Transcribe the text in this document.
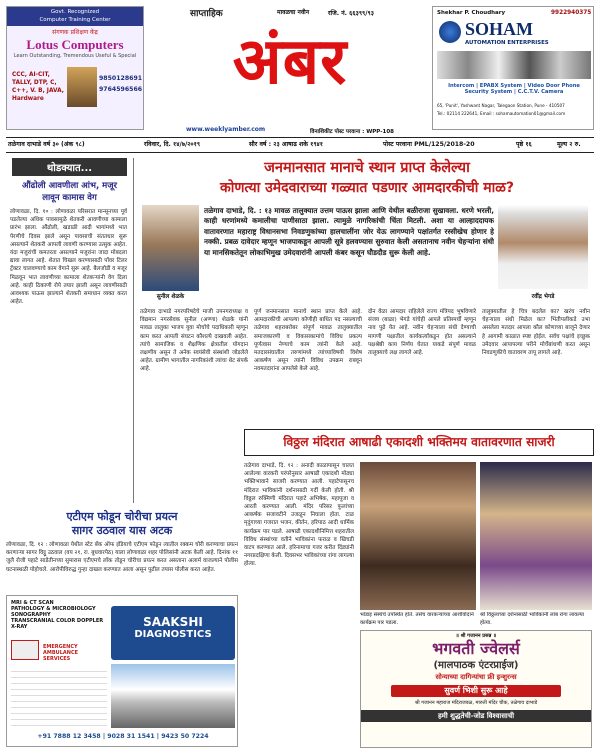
Govt. Recognized
Computer Training Center
संगणक प्रशिक्षण केंद्र
Lotus Computers
Learn Outstanding, Tremendous Useful & Special
CCC, AI-CIT, TALLY, DTP, C, C++, V. B, JAVA, Hardware
9850128691
9764596566
साप्ताहिक	मावळचा नवीन	रजि. नं. ६६३९९/९३
अंबर
www.weeklyamber.com	विनाशिकीट पोस्ट परवाना : WPP-108
Shekhar P. Choudhary	9922940375
SOHAM
AUTOMATION ENTERPRISES
Intercom | EPABX System | Video Door Phone
Security System | C.C.T.V. Camera
65, 'Punit', Yashwant Nagar, Talegaon Station, Pune - 410507
Tel.: 02114 222641, Email : sohamautomation01@gmail.com
तळेगाव दाभाडे वर्ष ३० (अंक ९८)	रविवार, दि. १४/७/२०१९	सौर वर्ष : २३ आषाढ शके १९४१	पोस्ट परवाना PML/125/2018-20	पृष्ठे १६	मूल्य २ रु.
थोडक्यात...
औंढोली आवणीला आंभ, मजूर लावून कामास वेग
लोणावळा, दि. १० : लोणावळा परिसरात मान्सूनच्या पूर्व पडलेल्या अधिक पावसामुळे शेतकरी आवणीच्या कामाला प्रारंभ झाला. औंढोली, खडाळी आदी भागांमध्ये भात पेरणीचे दिवस झाले असून पावसाची संततधार सुरू असल्याने शेतकरी आपली लावणी करण्यास उत्सुक आहेत. यंदा मजुरांची कमतरता असल्याने मजुरांना जादा मोबदला द्यावा लागत आहे. शेतात चिखल करण्यासाठी पॉवर टिलर ट्रॅक्टर चालवण्याचे काम वेगाने सुरू आहे. बैलजोडी व मजूर मिळवून भात लावणीच्या कामाला शेतकऱ्यांनी वेग दिला आहे. काही ठिकाणी रोपे तयार झाली असून लावणीसाठी आवश्यक पाऊस झाल्याने शेतकरी समाधान व्यक्त करत आहेत.
जनमानसात मानाचे स्थान प्राप्त केलेल्या
कोणत्या उमेदवाराच्या गळ्यात पडणार आमदारकीची माळ?
सुनील शेळके
तळेगाव दाभाडे, दि. : १३ मावळ तालुक्यात उत्तम पाऊस झाला आणि येथील बळीराजा सुखावला. धरणे भरली, काही धरणांमध्ये कमालीचा पाणीसाठा झाला. त्यामुळे नागरिकांची चिंता मिटली. अशा या आल्हाददायक वातावरणात महाराष्ट्र विधानसभा निवडणुकांच्या हालचालींना जोर येऊ लागण्याने पक्षांतर्गत रस्सीखेच होणार हे नक्की. प्रबळ दावेदार म्हणून भाजपाकडून आपली सूत्रे हलवण्यास सुरुवात केली असतानाच नवीन चेहऱ्यांना संधी या मानसिकतेतून लोकाभिमुख उमेदवारांनी आपली कंबर कसून घौडदौड सुरू केली आहे.
रवींद्र भेगडे
तळेगाव दाभाडे नगरपरिषदेचे माजी उपनगराध्यक्ष व विद्यमान नगरसेवक सुनील (अण्णा) शेळके यांनी मावळ तालुका भाजप युवा मोर्चाचे पदाधिकारी म्हणून काम करत आपली संघटन कौशल्ये दाखवली आहेत. त्यांचे सामाजिक व शैक्षणिक क्षेत्रातील योगदान लक्षणीय असून ते अनेक स्वयंसेवी संस्थांशी जोडलेले आहेत. ग्रामीण भागातील नागरिकांशी त्यांचा थेट संपर्क आहे.
पूर्ण जनमानसात मानाचे स्थान प्राप्त केले आहे. आमदारकीची आपल्या कोणीही बाधित पद नसल्याची तळेगाव शहराबरोबर संपूर्ण मावळ तालुक्यातील समाजकारणी व विकासकामांचे विविध प्रकल्प पूर्णत्वास नेण्याचे काम त्यांनी केले आहे. मतदारसंघातील तरुणांमध्ये त्यांच्याविषयी विशेष आकर्षण असून त्यांनी विविध उपक्रम राबवून नवमतदारांना आपलेसे केले आहे.
दोन वेळा आमदार राहिलेले राज्य मंत्रिपद भूषविणारे संजय (बाळा) भेगडे यांचेही आपले प्रतिस्पर्धी म्हणून नाव पुढे येत आहे. नवीन चेहऱ्याला संधी देण्याची मागणी पक्षातील कार्यकर्त्यांकडून होत असल्याने पक्षश्रेष्ठी काय निर्णय घेतात याकडे संपूर्ण मावळ तालुक्याचे लक्ष लागले आहे.
तालुक्यातील हे चित्र बदलेल का? खरंच नवीन चेहऱ्याला संधी मिळेल का? भिंतीपलीकडे उभा असलेला मतदार आपला कौल कोणाच्या बाजूने देणार हे आगामी काळात स्पष्ट होईल. सर्वच पक्षांचे इच्छुक उमेदवार आपापल्या परीने मोर्चेबांधणी करत असून निवडणुकीचे वातावरण तापू लागले आहे.
विठ्ठल मंदिरात आषाढी एकादशी भक्तिमय वातावरणात साजरी
तळेगाव दाभाडे, दि. १२ : अनादी काळापासून चालत आलेल्या वारकरी परंपरेनुसार आषाढी एकादशी मोठ्या भक्तिभावाने साजरी करण्यात आली. पहाटेपासूनच मंदिरात भाविकांनी दर्शनासाठी गर्दी केली होती. श्री विठ्ठल रुक्मिणी मंदिरात पहाटे अभिषेक, महापूजा व आरती करण्यात आली. मंदिर परिसर फुलांच्या आकर्षक सजावटीने उजळून निघाला होता. टाळ मृदुंगाच्या गजरात भजन, कीर्तन, हरिपाठ आदी धार्मिक कार्यक्रम पार पडले. आषाढी एकादशीनिमित्त शहरातील विविध संस्थांच्या वतीने भाविकांना फराळ व खिचडी वाटप करण्यात आले. हरिनामाचा गजर करीत दिंड्यांनी नगरप्रदक्षिणा केली. दिवसभर भाविकांच्या रांगा लागल्या होत्या.
भोंडाइ संस्थेचे उपस्थित होते. तसेच वारकऱ्यांच्या आशीर्वादाने कार्यक्रम पार पडला.
श्री विठ्ठलाच्या दर्शनासाठी भाविकांनी लांब रांगा लावल्या होत्या.
एटीएम फोडून चोरीचा प्रयत्न
सागर उठवाल यास अटक
लोणावळा, दि. १२ : लोणावळा येथील स्टेट बँक ऑफ इंडियाचे एटीएम फोडून त्यातील रक्कम चोरी करण्याचा प्रयत्न करणाऱ्या सागर विट्ठू उठवाल (वय २१, रा. बुधवारपेठ) याला लोणावळा शहर पोलिसांनी अटक केली आहे. दिनांक ११ जुलै रोजी पहाटे साडेतीनच्या सुमारास एटीएमचे लॉक तोडून चोरीचा प्रयत्न करत असताना अलार्म वाजल्याने पोलीस घटनास्थळी पोहोचले. आरोपीविरुद्ध गुन्हा दाखल करण्यात आला असून पुढील तपास पोलीस करत आहेत.
MRI & CT SCAN
PATHOLOGY & MICROBIOLOGY
SONOGRAPHY
TRANSCRANIAL COLOR DOPPLER
X-RAY	SAAKSHI
DIAGNOSTICS
EMERGENCY AMBULANCE SERVICES
+91 7888 12 3458 | 9028 31 1541 | 9423 50 7224
॥ श्री गजानन प्रसन्न ॥
भगवती ज्वेलर्स
(मालपाठक एंटरप्राईज)
सोन्याच्या दागिन्यांचा फ्री इन्शुरन्स
सुवर्ण भिशी सुरू आहे
श्री गजानन महाराज मंदिराजवळ, मारुती मंदिर चौक, तळेगाव दाभाडे
हमी शुद्धतेची-जोड विश्वासाची
